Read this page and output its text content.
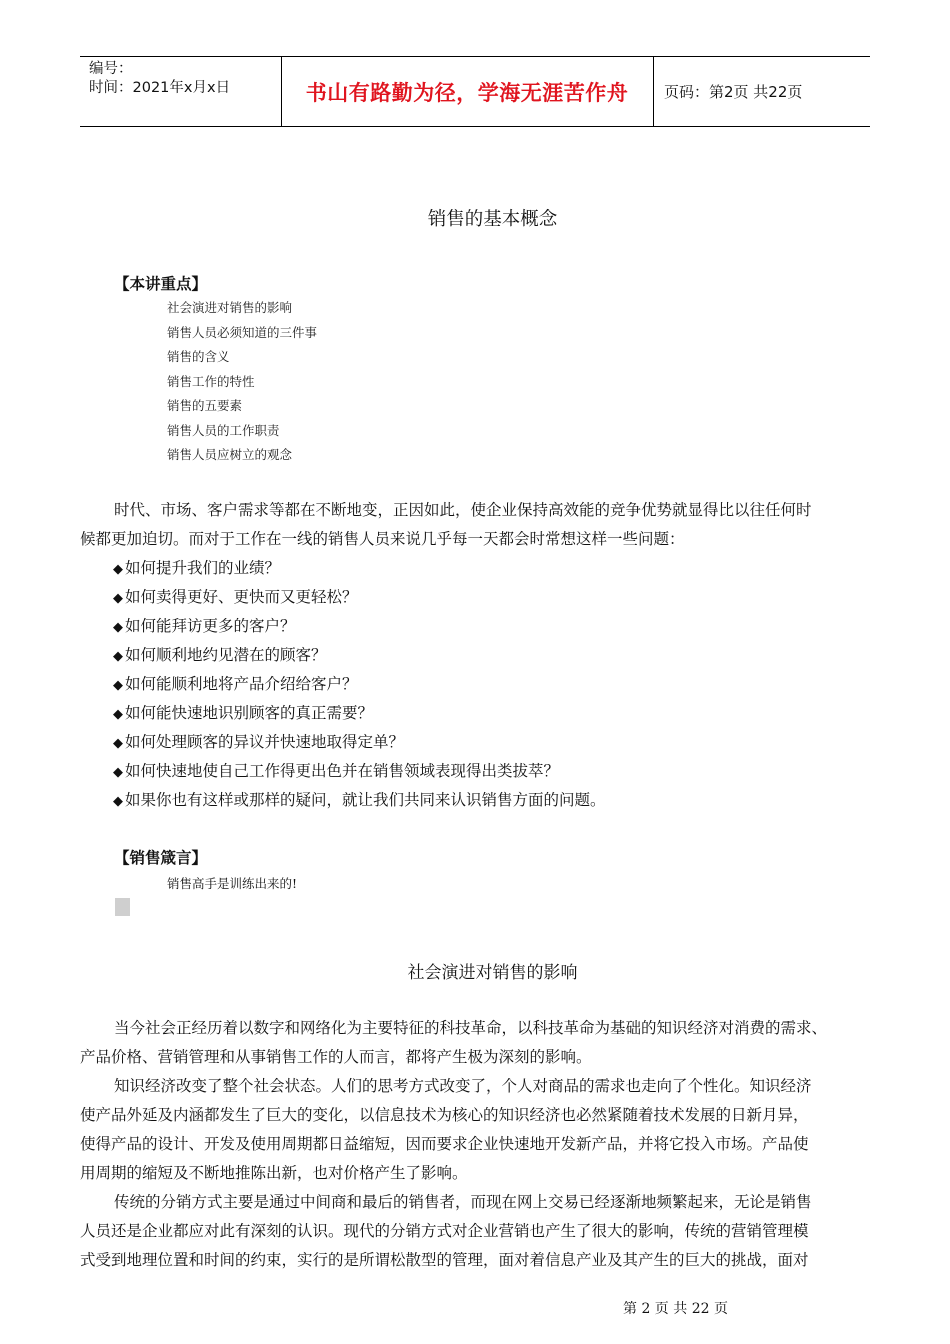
编号：
时间：2021年x月x日	书山有路勤为径，学海无涯苦作舟 页码：第2页 共22页
销售的基本概念
【本讲重点】
社会演进对销售的影响
销售人员必须知道的三件事
销售的含义
销售工作的特性
销售的五要素
销售人员的工作职责
销售人员应树立的观念

时代、市场、客户需求等都在不断地变，正因如此，使企业保持高效能的竞争优势就显得比以往任何时
候都更加迫切。而对于工作在一线的销售人员来说几乎每一天都会时常想这样一些问题：

◆ 如何提升我们的业绩？
◆ 如何卖得更好、更快而又更轻松？
◆ 如何能拜访更多的客户？
◆ 如何顺利地约见潜在的顾客？
◆ 如何能顺利地将产品介绍给客户？
◆ 如何能快速地识别顾客的真正需要？
◆ 如何处理顾客的异议并快速地取得定单？
◆ 如何快速地使自己工作得更出色并在销售领域表现得出类拔萃？
◆ 如果你也有这样或那样的疑问，就让我们共同来认识销售方面的问题。
【销售箴言】
销售高手是训练出来的!
社会演进对销售的影响

当今社会正经历着以数字和网络化为主要特征的科技革命，以科技革命为基础的知识经济对消费的需求、
产品价格、营销管理和从事销售工作的人而言，都将产生极为深刻的影响。

知识经济改变了整个社会状态。人们的思考方式改变了，个人对商品的需求也走向了个性化。知识经济
使产品外延及内涵都发生了巨大的变化，以信息技术为核心的知识经济也必然紧随着技术发展的日新月异，
使得产品的设计、开发及使用周期都日益缩短，因而要求企业快速地开发新产品，并将它投入市场。产品使
用周期的缩短及不断地推陈出新，也对价格产生了影响。

传统的分销方式主要是通过中间商和最后的销售者，而现在网上交易已经逐渐地频繁起来，无论是销售
人员还是企业都应对此有深刻的认识。现代的分销方式对企业营销也产生了很大的影响，传统的营销管理模
式受到地理位置和时间的约束，实行的是所谓松散型的管理，面对着信息产业及其产生的巨大的挑战，面对

第 2 页 共 22 页
